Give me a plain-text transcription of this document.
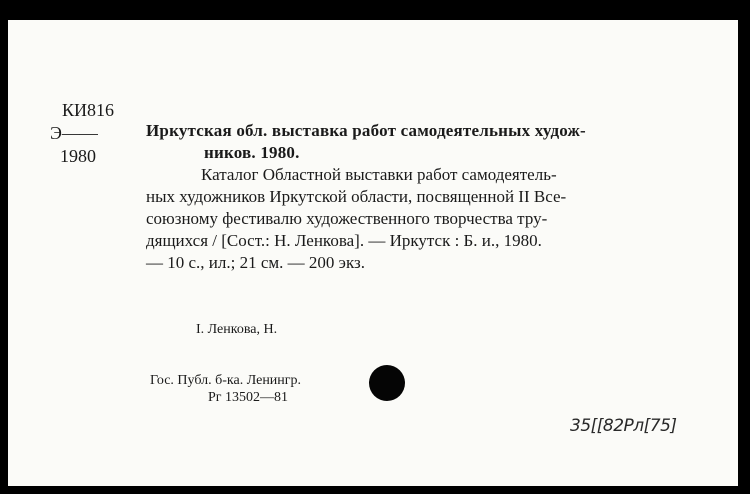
КИ816
Э——
1980
Иркутская обл. выставка работ самодеятельных худож-
ников. 1980.
Каталог Областной выставки работ самодеятель-
ных художников Иркутской области, посвященной II Все-
союзному фестивалю художественного творчества тру-
дящихся / [Сост.: Н. Ленкова]. — Иркутск : Б. и., 1980.
— 10 с., ил.; 21 см. — 200 экз.
I. Ленкова, Н.
Гос. Публ. б-ка. Ленингр.
Рг 13502—81
35[[82Рл[75]
